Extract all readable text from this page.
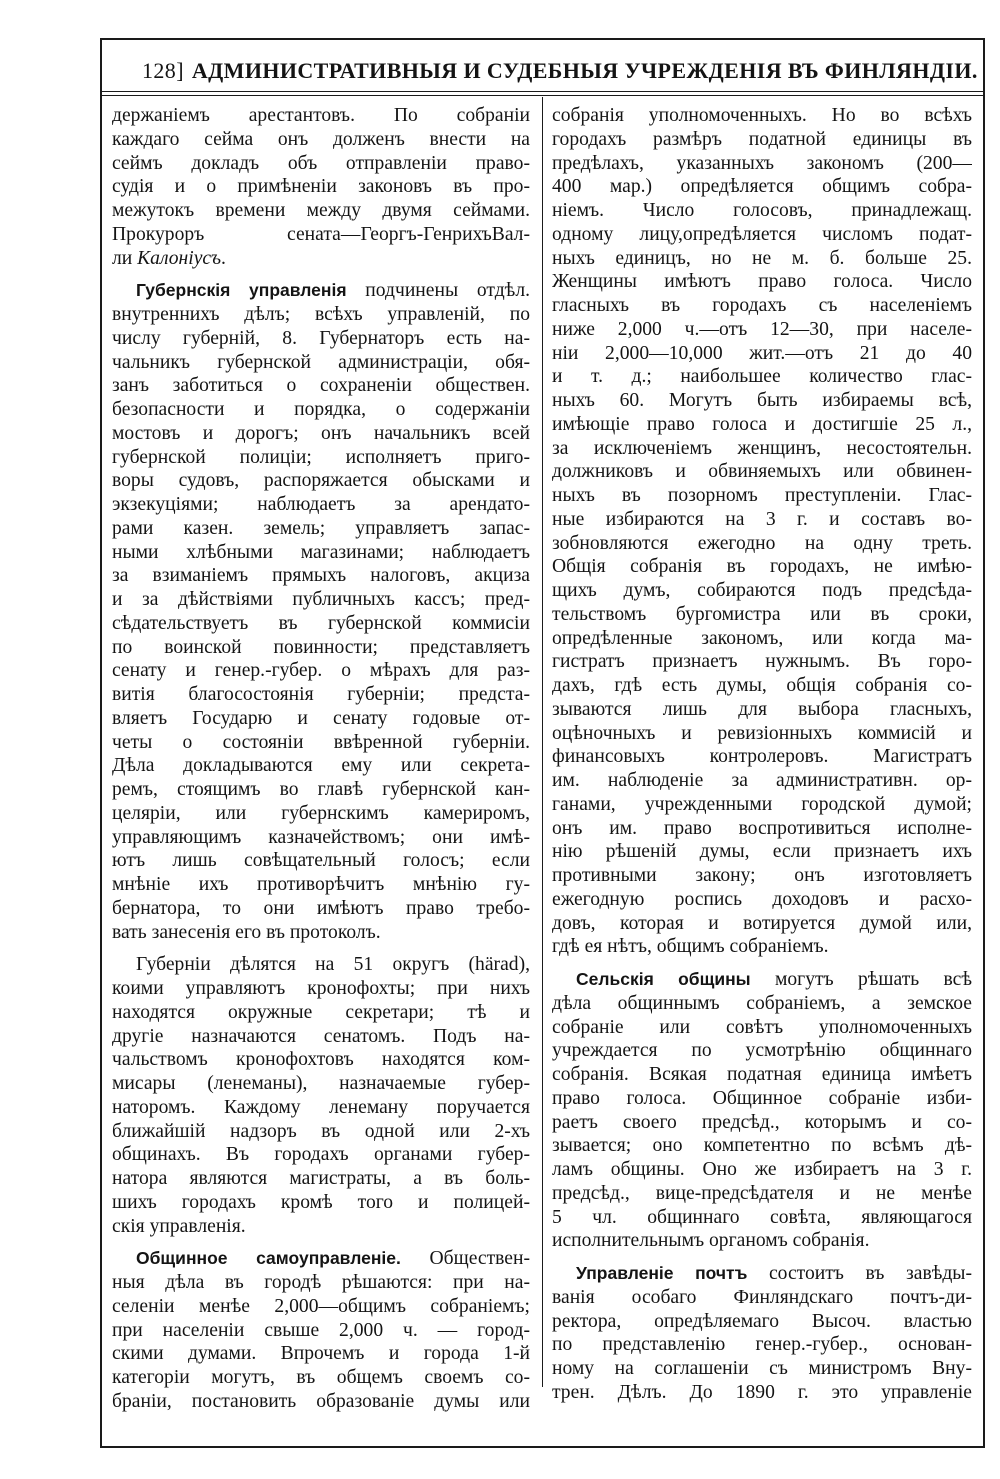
128] АДМИНИСТРАТИВНЫЯ И СУДЕБНЫЯ УЧРЕЖДЕНІЯ ВЪ ФИНЛЯНДІИ.
держаніемъ арестантовъ. По собраніи
каждаго сейма онъ долженъ внести на
сеймъ докладъ объ отправленіи право-
судія и о примѣненіи законовъ въ про-
межутокъ времени между двумя сеймами.
Прокуроръ сената—Георгъ-ГенрихъВал-
ли Калоніусъ.
Губернскія управленія подчинены отдѣл.
внутреннихъ дѣлъ; всѣхъ управленій, по
числу губерній, 8. Губернаторъ есть на-
чальникъ губернской администраціи, обя-
занъ заботиться о сохраненіи обществен.
безопасности и порядка, о содержаніи
мостовъ и дорогъ; онъ начальникъ всей
губернской полиціи; исполняетъ приго-
воры судовъ, распоряжается обысками и
экзекуціями; наблюдаетъ за арендато-
рами казен. земель; управляетъ запас-
ными хлѣбными магазинами; наблюдаетъ
за взиманіемъ прямыхъ налоговъ, акциза
и за дѣйствіями публичныхъ кассъ; пред-
сѣдательствуетъ въ губернской коммисіи
по воинской повинности; представляетъ
сенату и генер.-губер. о мѣрахъ для раз-
витія благосостоянія губерніи; предста-
вляетъ Государю и сенату годовые от-
четы о состояніи ввѣренной губерніи.
Дѣла докладываются ему или секрета-
ремъ, стоящимъ во главѣ губернской кан-
целяріи, или губернскимъ камерирoмъ,
управляющимъ казначействомъ; они имѣ-
ютъ лишь совѣщательный голосъ; если
мнѣніе ихъ противорѣчитъ мнѣнію гу-
бернатора, то они имѣютъ право требо-
вать занесенія его въ протоколъ.
Губерніи дѣлятся на 51 округъ (härad),
коими управляютъ кронофохты; при нихъ
находятся окружные секретари; тѣ и
другіе назначаются сенатомъ. Подъ на-
чальствомъ кронофохтовъ находятся ком-
мисары (ленеманы), назначаемые губер-
наторомъ. Каждому ленеману поручается
ближайшій надзоръ въ одной или 2-хъ
общинахъ. Въ городахъ органами губер-
натора являются магистраты, а въ боль-
шихъ городахъ кромѣ того и полицей-
скія управленія.
Общинное самоуправленіе. Обществен-
ныя дѣла въ городѣ рѣшаются: при на-
селеніи менѣе 2,000—общимъ собраніемъ;
при населеніи свыше 2,000 ч. — город-
скими думами. Впрочемъ и города 1-й
категоріи могутъ, въ общемъ своемъ со-
браніи, постановить образованіе думы или
собранія уполномоченныхъ. Но во всѣхъ
городахъ размѣръ податной единицы въ
предѣлахъ, указанныхъ закономъ (200—
400 мар.) опредѣляется общимъ собра-
ніемъ. Число голосовъ, принадлежащ.
одному лицу,опредѣляется числомъ подат-
ныхъ единицъ, но не м. б. больше 25.
Женщины имѣютъ право голоса. Число
гласныхъ въ городахъ съ населеніемъ
ниже 2,000 ч.—отъ 12—30, при населе-
ніи 2,000—10,000 жит.—отъ 21 до 40
и т. д.; наибольшее количество глас-
ныхъ 60. Могутъ быть избираемы всѣ,
имѣющіе право голоса и достигшіе 25 л.,
за исключеніемъ женщинъ, несостоятельн.
должниковъ и обвиняемыхъ или обвинен-
ныхъ въ позорномъ преступленіи. Глас-
ные избираются на 3 г. и составъ во-
зобновляются ежегодно на одну треть.
Общія собранія въ городахъ, не имѣю-
щихъ думъ, собираются подъ предсѣда-
тельствомъ бургомистра или въ сроки,
опредѣленные закономъ, или когда ма-
гистратъ признаетъ нужнымъ. Въ горо-
дахъ, гдѣ есть думы, общія собранія со-
зываются лишь для выбора гласныхъ,
оцѣночныхъ и ревизіонныхъ коммисій и
финансовыхъ контролеровъ. Магистратъ
им. наблюденіе за административн. ор-
ганами, учрежденными городской думой;
онъ им. право воспротивиться исполне-
нію рѣшеній думы, если признаетъ ихъ
противными закону; онъ изготовляетъ
ежегодную роспись доходовъ и расхо-
довъ, которая и вотируется думой или,
гдѣ ея нѣтъ, общимъ собраніемъ.
Сельскія общины могутъ рѣшать всѣ
дѣла общиннымъ собраніемъ, а земское
собраніе или совѣтъ уполномоченныхъ
учреждается по усмотрѣнію общиннаго
собранія. Всякая податная единица имѣетъ
право голоса. Общинное собраніе изби-
раетъ своего предсѣд., которымъ и со-
зывается; оно компетентно по всѣмъ дѣ-
ламъ общины. Оно же избираетъ на 3 г.
предсѣд., вице-предсѣдателя и не менѣе
5 чл. общиннаго совѣта, являющагося
исполнительнымъ органомъ собранія.
Управленіе почтъ состоитъ въ завѣды-
ванія особаго Финляндскаго почтъ-ди-
ректора, опредѣляемаго Высоч. властью
по представленію генер.-губер., основан-
ному на соглашеніи съ министромъ Вну-
трен. Дѣлъ. До 1890 г. это управленіе
